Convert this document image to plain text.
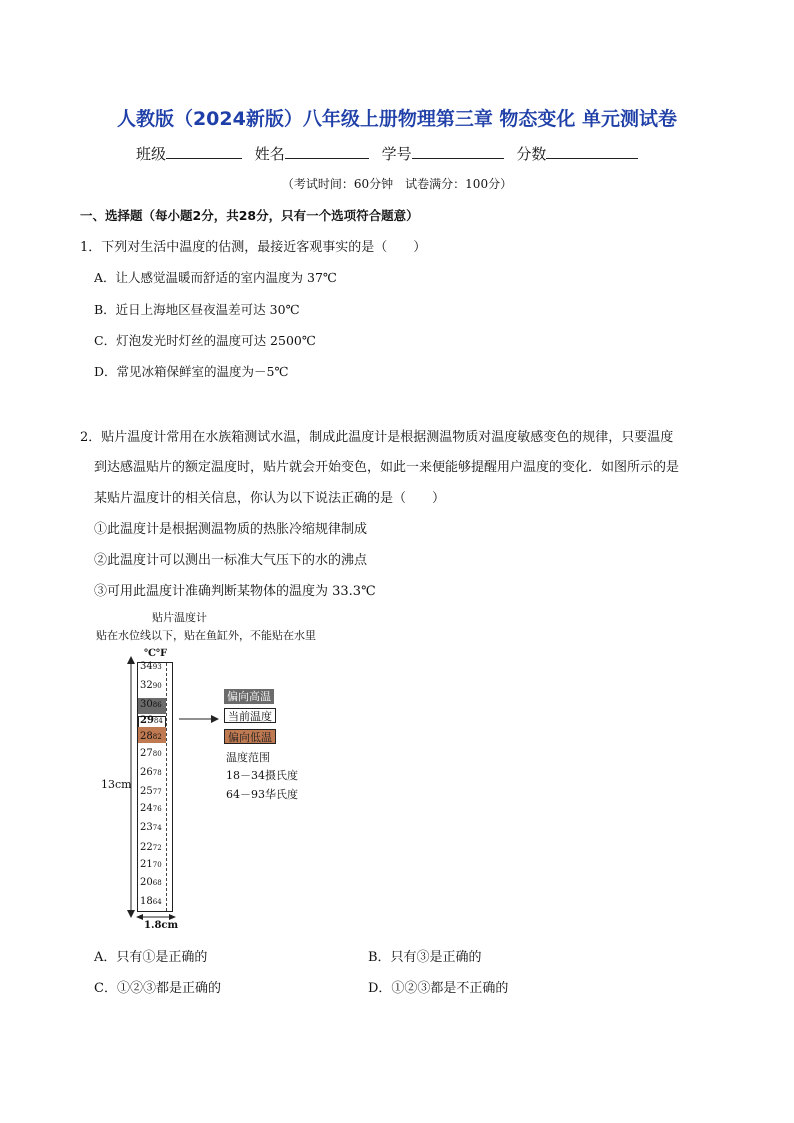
人教版（2024新版）八年级上册物理第三章 物态变化 单元测试卷
班级	姓名	学号	分数
（考试时间：60分钟　试卷满分：100分）
一、选择题（每小题2分，共28分，只有一个选项符合题意）
1．下列对生活中温度的估测，最接近客观事实的是（　　）
A．让人感觉温暖而舒适的室内温度为 37℃
B．近日上海地区昼夜温差可达 30℃
C．灯泡发光时灯丝的温度可达 2500℃
D．常见冰箱保鲜室的温度为－5℃
2．贴片温度计常用在水族箱测试水温，制成此温度计是根据测温物质对温度敏感变色的规律，只要温度
到达感温贴片的额定温度时，贴片就会开始变色，如此一来便能够提醒用户温度的变化．如图所示的是
某贴片温度计的相关信息，你认为以下说法正确的是（　　）
①此温度计是根据测温物质的热胀冷缩规律制成
②此温度计可以测出一标准大气压下的水的沸点
③可用此温度计准确判断某物体的温度为 33.3℃
贴片温度计
贴在水位线以下，贴在鱼缸外，不能贴在水里
℃℉
3493
3290
3086
2984
2882
2780
2678
2577
2476
2374
2272
2170
2068
1864
13cm
1.8cm
偏向高温
当前温度
偏向低温
温度范围
18－34摄氏度
64－93华氏度
A．只有①是正确的	B．只有③是正确的
C．①②③都是正确的	D．①②③都是不正确的
